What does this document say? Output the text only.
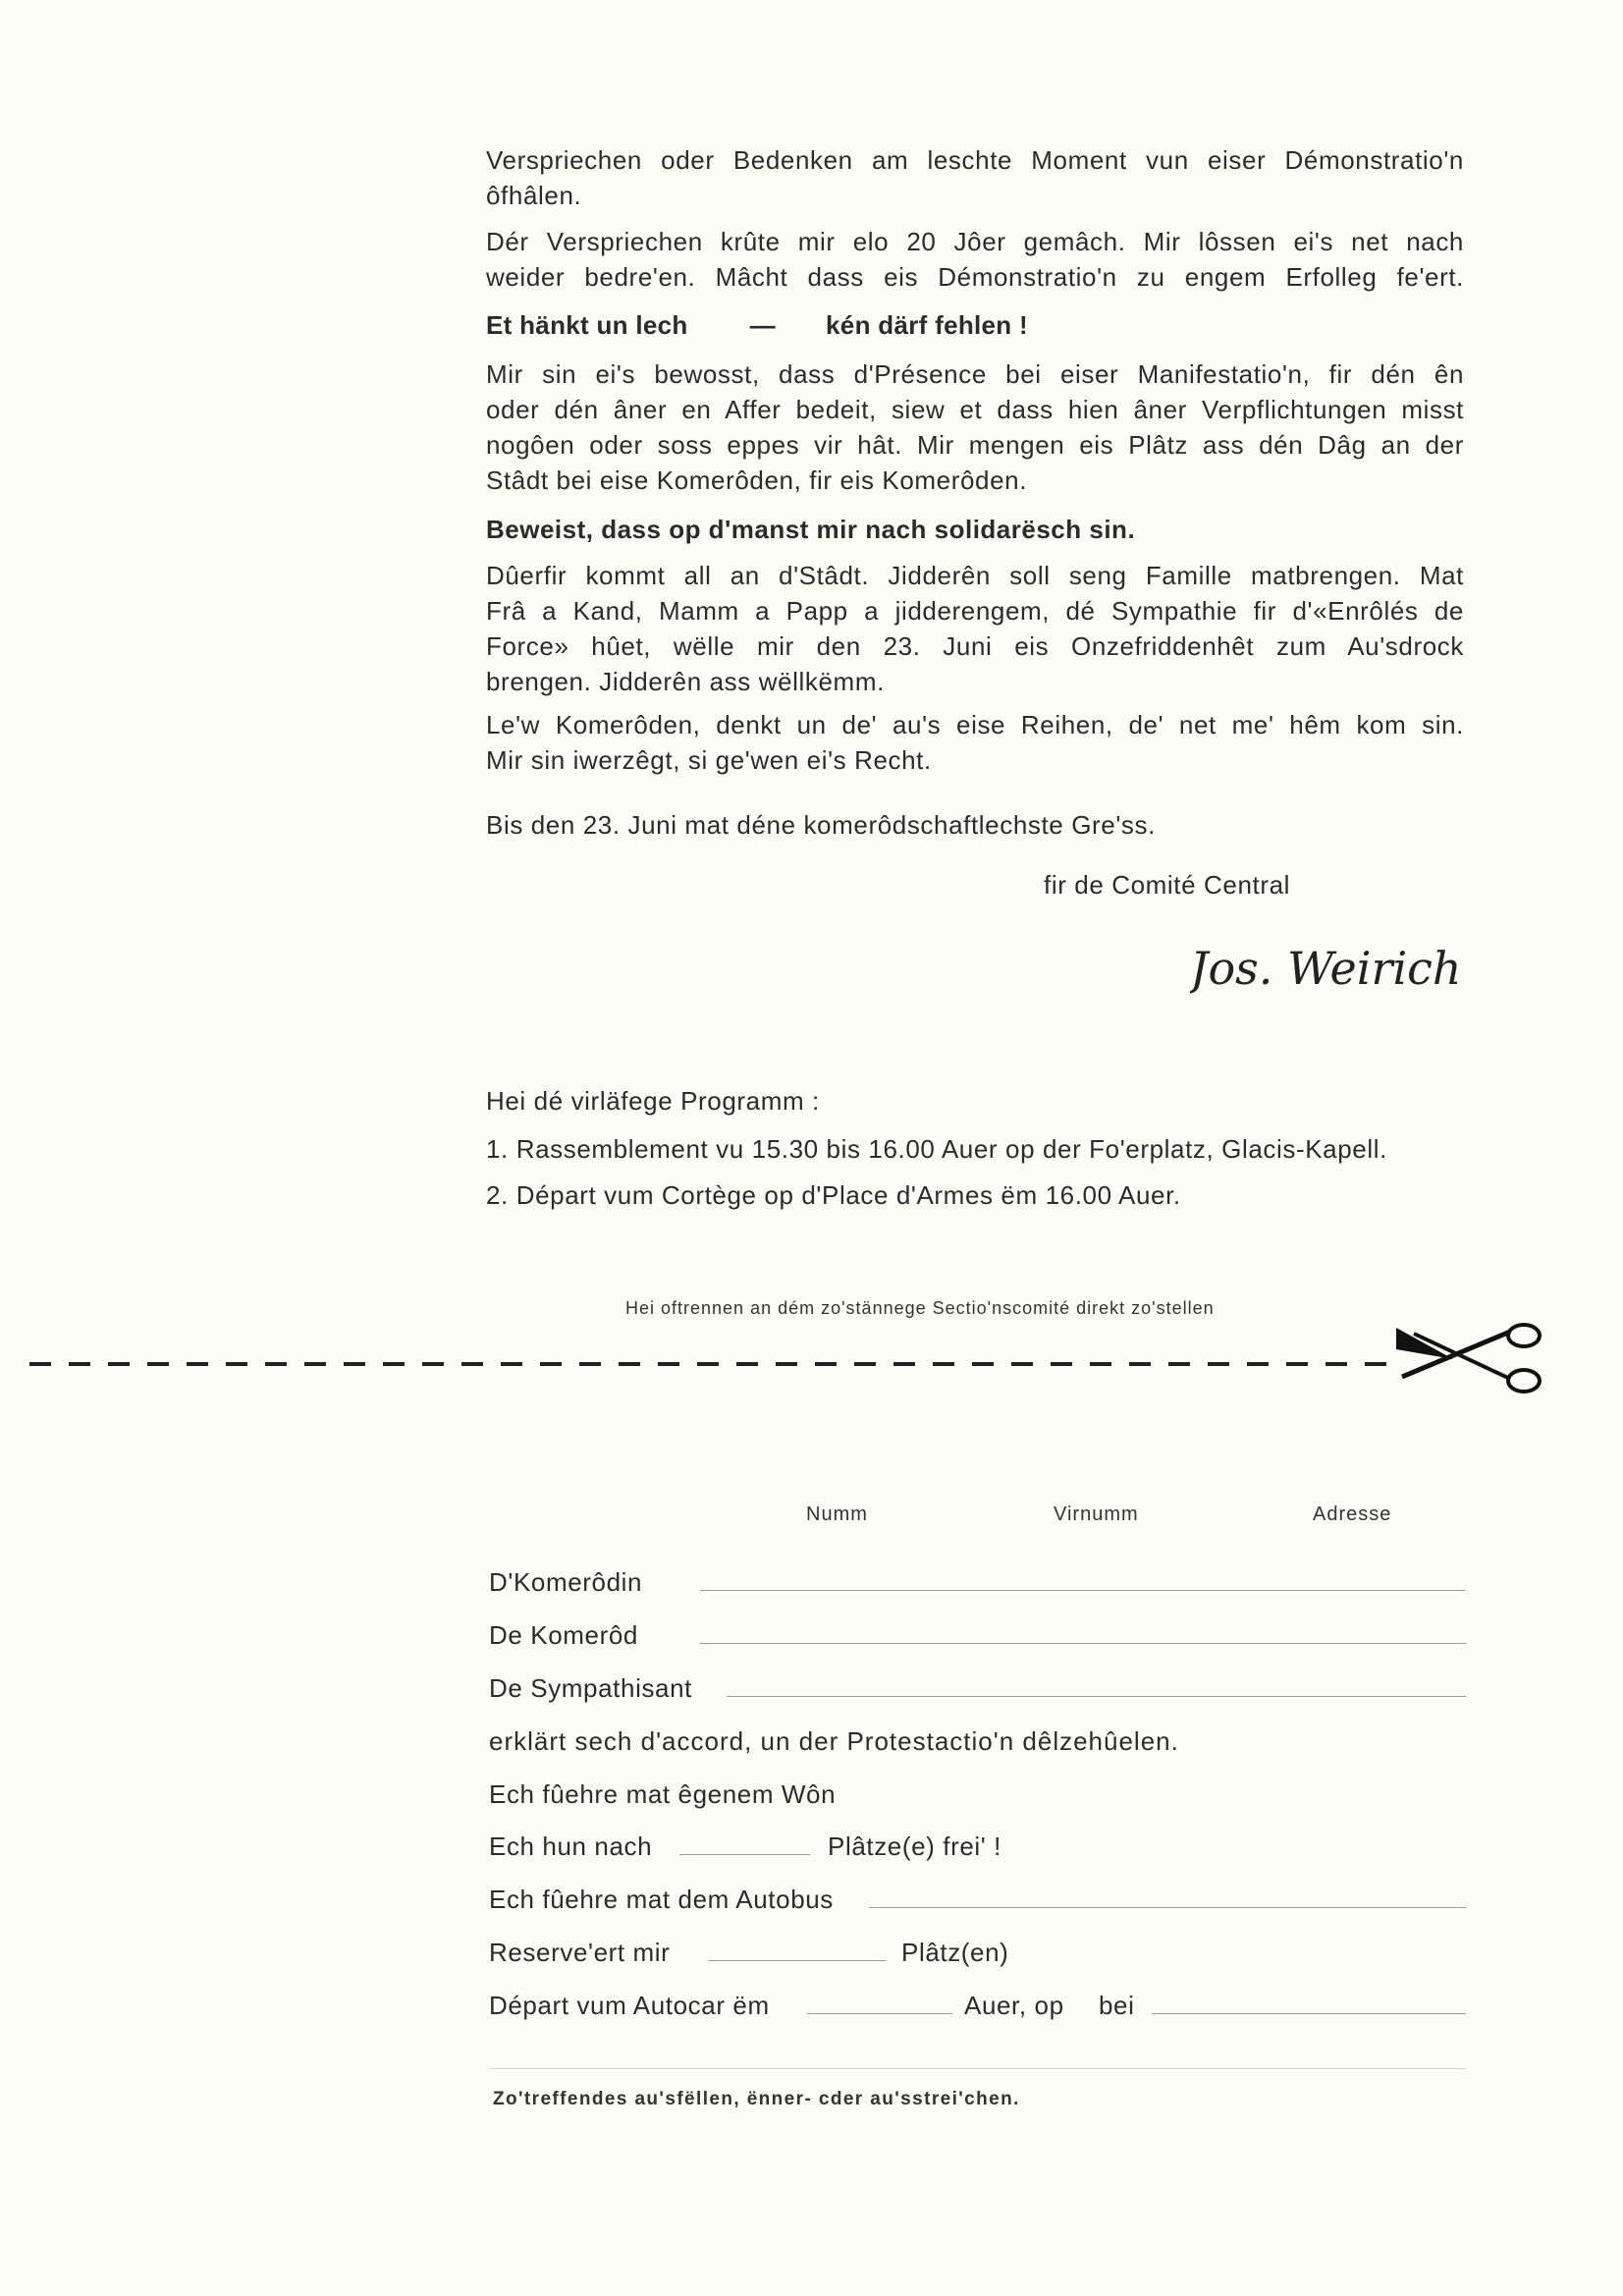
Verspriechen oder Bedenken am leschte Moment vun eiser Démonstratio'n
ôfhâlen.

Dér Verspriechen krûte mir elo 20 Jôer gemâch. Mir lôssen ei's net nach
weider bedre'en. Mâcht dass eis Démonstratio'n zu engem Erfolleg fe'ert.

Et hänkt un lech — kén därf fehlen !

Mir sin ei's bewosst, dass d'Présence bei eiser Manifestatio'n, fir dén ên
oder dén âner en Affer bedeit, siew et dass hien âner Verpflichtungen misst
nogôen oder soss eppes vir hât. Mir mengen eis Plâtz ass dén Dâg an der
Stâdt bei eise Komerôden, fir eis Komerôden.

Beweist, dass op d'manst mir nach solidarësch sin.

Dûerfir kommt all an d'Stâdt. Jidderên soll seng Famille matbrengen. Mat
Frâ a Kand, Mamm a Papp a jidderengem, dé Sympathie fir d'«Enrôlés de
Force» hûet, wëlle mir den 23. Juni eis Onzefriddenhêt zum Au'sdrock
brengen. Jidderên ass wëllkëmm.

Le'w Komerôden, denkt un de' au's eise Reihen, de' net me' hêm kom sin.
Mir sin iwerzêgt, si ge'wen ei's Recht.

Bis den 23. Juni mat déne komerôdschaftlechste Gre'ss.
fir de Comité Central
Jos. Weirich
Hei dé virläfege Programm :
1. Rassemblement vu 15.30 bis 16.00 Auer op der Fo'erplatz, Glacis-Kapell.
2. Départ vum Cortège op d'Place d'Armes ëm 16.00 Auer.
Hei oftrennen an dém zo'stännege Sectio'nscomité direkt zo'stellen
Numm	Virnumm	Adresse
D'Komerôdin
De Komerôd
De Sympathisant
erklärt sech d'accord, un der Protestactio'n dêlzehûelen.
Ech fûehre mat êgenem Wôn
Ech hun nach	Plâtze(e) frei' !
Ech fûehre mat dem Autobus
Reserve'ert mir	Plâtz(en)
Départ vum Autocar ëm	Auer, op bei
Zo'treffendes au'sfëllen, ënner- cder au'sstrei'chen.
